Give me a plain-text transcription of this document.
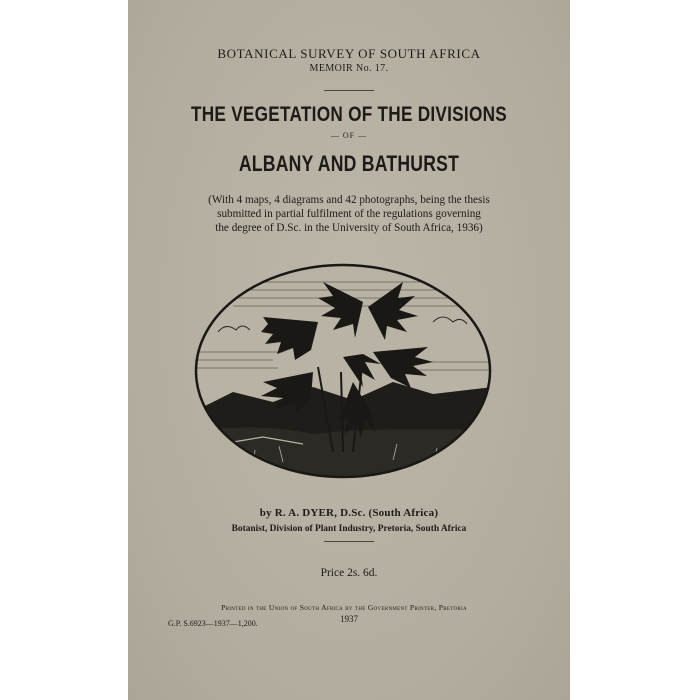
BOTANICAL SURVEY OF SOUTH AFRICA
MEMOIR No. 17.
THE VEGETATION OF THE DIVISIONS
— OF —
ALBANY AND BATHURST
(With 4 maps, 4 diagrams and 42 photographs, being the thesis
submitted in partial fulfilment of the regulations governing
the degree of D.Sc. in the University of South Africa, 1936)
by R. A. DYER, D.Sc. (South Africa)
Botanist, Division of Plant Industry, Pretoria, South Africa
Price 2s. 6d.
Printed in the Union of South Africa by the Government Printer, Pretoria
1937
G.P. S.6923—1937—1,200.
